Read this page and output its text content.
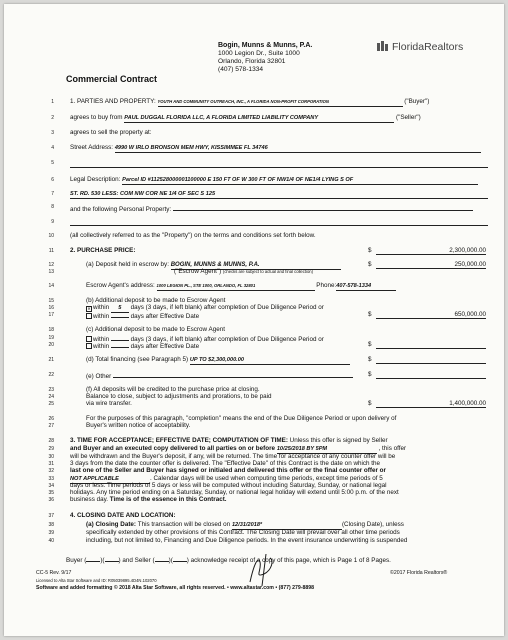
Bogin, Munns & Munns, P.A.
1000 Legion Dr., Suite 1000
Orlando, Florida 32801
(407) 578-1334
FloridaRealtors
Commercial Contract
1
2
3
4
5
6
7
8
9
10
11
12
13
14
15
16
17
18
19
20
21
22
23
24
25
26
27
28
29
30
31
32
33
34
35
36
37
38
39
40
1. PARTIES AND PROPERTY: YOUTH AND COMMUNITY OUTREACH, INC., A FLORIDA NON-PROFIT CORPORATION	("Buyer")
agrees to buy from PAUL DUGGAL FLORIDA LLC, A FLORIDA LIMITED LIABILITY COMPANY	("Seller")
agrees to sell the property at:
Street Address: 4990 W IRLO BRONSON MEM HWY, KISSIMMEE FL 34746
Legal Description: Parcel ID #112528000001100000 E 150 FT OF W 300 FT OF NW1/4 OF NE1/4 LYING S OF
ST. RD. 530 LESS: COM NW COR NE 1/4 OF SEC S 125
and the following Personal Property:
(all collectively referred to as the "Property") on the terms and conditions set forth below.
2. PURCHASE PRICE:	$	2,300,000.00
(a) Deposit held in escrow by: BOGIN, MUNNS & MUNNS, P.A.	$	250,000.00
("Escrow Agent") (checks are subject to actual and final collection)
Escrow Agent's address: 1000 LEGION PL., STE 1000, ORLANDO, FL 32801	Phone:407-578-1334
(b) Additional deposit to be made to Escrow Agent
✕ within 5 days (3 days, if left blank) after completion of Due Diligence Period or
within	days after Effective Date	$	650,000.00
(c) Additional deposit to be made to Escrow Agent
within	days (3 days, if left blank) after completion of Due Diligence Period or
within	days after Effective Date	$
(d) Total financing (see Paragraph 5) UP TO $2,300,000.00	$
(e) Other	$
(f) All deposits will be credited to the purchase price at closing.
Balance to close, subject to adjustments and prorations, to be paid
via wire transfer.	$	1,400,000.00
For the purposes of this paragraph, "completion" means the end of the Due Diligence Period or upon delivery of
Buyer's written notice of acceptability.
3. TIME FOR ACCEPTANCE; EFFECTIVE DATE; COMPUTATION OF TIME: Unless this offer is signed by Seller
and Buyer and an executed copy delivered to all parties on or before 10/25/2018 BY 5PM	, this offer
will be withdrawn and the Buyer's deposit, if any, will be returned. The time for acceptance of any counter offer will be
3 days from the date the counter offer is delivered. The "Effective Date" of this Contract is the date on which the
last one of the Seller and Buyer has signed or initialed and delivered this offer or the final counter offer or
NOT APPLICABLE	. Calendar days will be used when computing time periods, except time periods of 5
days or less. Time periods of 5 days or less will be computed without including Saturday, Sunday, or national legal
holidays. Any time period ending on a Saturday, Sunday, or national legal holiday will extend until 5:00 p.m. of the next
business day. Time is of the essence in this Contract.
4. CLOSING DATE AND LOCATION:
(a) Closing Date: This transaction will be closed on 12/31/2018*	(Closing Date), unless
specifically extended by other provisions of this Contract. The Closing Date will prevail over all other time periods
including, but not limited to, Financing and Due Diligence periods. In the event insurance underwriting is suspended
Buyer ( )( ) and Seller ( )( ) acknowledge receipt of a copy of this page, which is Page 1 of 8 Pages.
CC-5 Rev. 9/17	©2017 Florida Realtors®
Licensed to Alta Star Software and ID: R05039895.4D4N.102070
Software and added formatting © 2018 Alta Star Software, all rights reserved. • www.altastar.com • (877) 279-8898
